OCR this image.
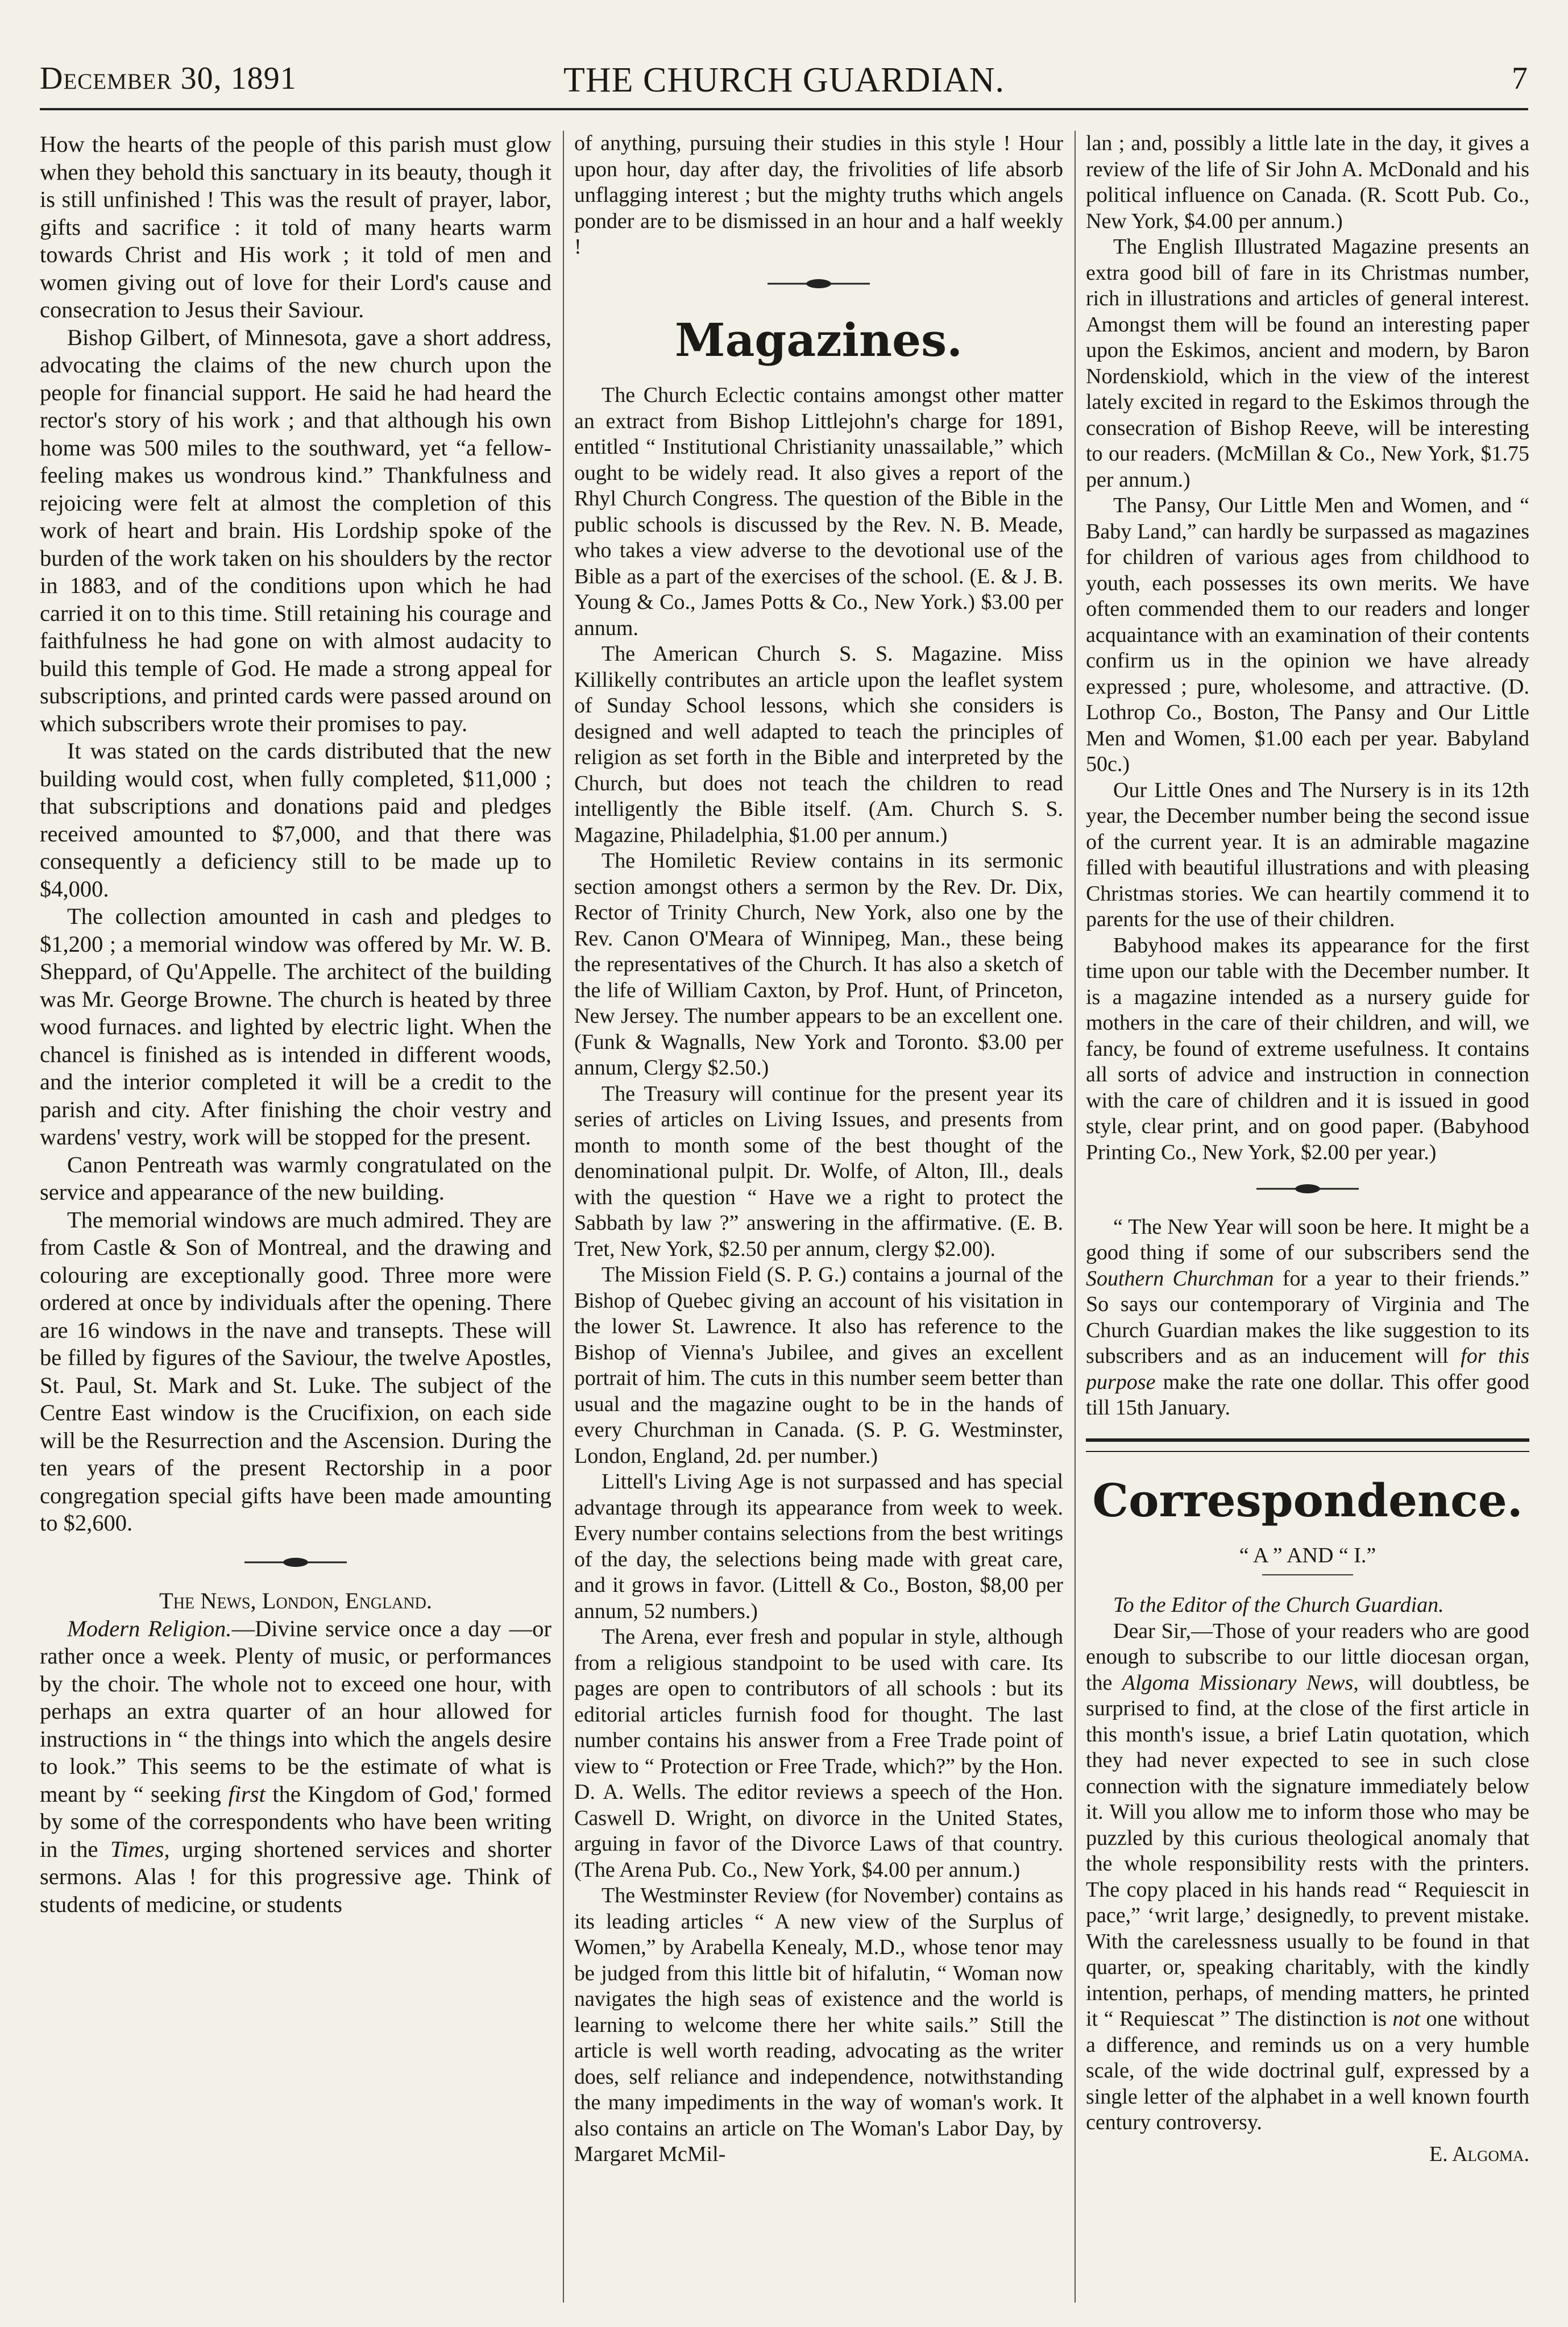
December 30, 1891	THE CHURCH GUARDIAN.	7

How the hearts of the people of this parish must glow when they behold this sanctuary in its beauty, though it is still unfinished ! This was the result of prayer, labor, gifts and sacrifice : it told of many hearts warm towards Christ and His work ; it told of men and women giving out of love for their Lord's cause and consecration to Jesus their Saviour.

Bishop Gilbert, of Minnesota, gave a short address, advocating the claims of the new church upon the people for financial support. He said he had heard the rector's story of his work ; and that although his own home was 500 miles to the southward, yet “a fellow-feeling makes us wondrous kind.” Thankfulness and rejoicing were felt at almost the completion of this work of heart and brain. His Lordship spoke of the burden of the work taken on his shoulders by the rector in 1883, and of the conditions upon which he had carried it on to this time. Still retaining his courage and faithfulness he had gone on with almost audacity to build this temple of God. He made a strong appeal for subscriptions, and printed cards were passed around on which subscribers wrote their promises to pay.

It was stated on the cards distributed that the new building would cost, when fully completed, $11,000 ; that subscriptions and donations paid and pledges received amounted to $7,000, and that there was consequently a deficiency still to be made up to $4,000.

The collection amounted in cash and pledges to $1,200 ; a memorial window was offered by Mr. W. B. Sheppard, of Qu'Appelle. The architect of the building was Mr. George Browne. The church is heated by three wood furnaces. and lighted by electric light. When the chancel is finished as is intended in different woods, and the interior completed it will be a credit to the parish and city. After finishing the choir vestry and wardens' vestry, work will be stopped for the present.

Canon Pentreath was warmly congratulated on the service and appearance of the new building.

The memorial windows are much admired. They are from Castle & Son of Montreal, and the drawing and colouring are exceptionally good. Three more were ordered at once by individuals after the opening. There are 16 windows in the nave and transepts. These will be filled by figures of the Saviour, the twelve Apostles, St. Paul, St. Mark and St. Luke. The subject of the Centre East window is the Crucifixion, on each side will be the Resurrection and the Ascension. During the ten years of the present Rectorship in a poor congregation special gifts have been made amounting to $2,600.

The News, London, England.

Modern Religion.—Divine service once a day —or rather once a week. Plenty of music, or performances by the choir. The whole not to exceed one hour, with perhaps an extra quarter of an hour allowed for instructions in “ the things into which the angels desire to look.” This seems to be the estimate of what is meant by “ seeking first the Kingdom of God,' formed by some of the correspondents who have been writing in the Times, urging shortened services and shorter sermons. Alas ! for this progressive age. Think of students of medicine, or students

of anything, pursuing their studies in this style ! Hour upon hour, day after day, the frivolities of life absorb unflagging interest ; but the mighty truths which angels ponder are to be dismissed in an hour and a half weekly !

Magazines.

The Church Eclectic contains amongst other matter an extract from Bishop Littlejohn's charge for 1891, entitled “ Institutional Christianity unassailable,” which ought to be widely read. It also gives a report of the Rhyl Church Congress. The question of the Bible in the public schools is discussed by the Rev. N. B. Meade, who takes a view adverse to the devotional use of the Bible as a part of the exercises of the school. (E. & J. B. Young & Co., James Potts & Co., New York.) $3.00 per annum.

The American Church S. S. Magazine. Miss Killikelly contributes an article upon the leaflet system of Sunday School lessons, which she considers is designed and well adapted to teach the principles of religion as set forth in the Bible and interpreted by the Church, but does not teach the children to read intelligently the Bible itself. (Am. Church S. S. Magazine, Philadelphia, $1.00 per annum.)

The Homiletic Review contains in its sermonic section amongst others a sermon by the Rev. Dr. Dix, Rector of Trinity Church, New York, also one by the Rev. Canon O'Meara of Winnipeg, Man., these being the representatives of the Church. It has also a sketch of the life of William Caxton, by Prof. Hunt, of Princeton, New Jersey. The number appears to be an excellent one. (Funk & Wagnalls, New York and Toronto. $3.00 per annum, Clergy $2.50.)

The Treasury will continue for the present year its series of articles on Living Issues, and presents from month to month some of the best thought of the denominational pulpit. Dr. Wolfe, of Alton, Ill., deals with the question “ Have we a right to protect the Sabbath by law ?” answering in the affirmative. (E. B. Tret, New York, $2.50 per annum, clergy $2.00).

The Mission Field (S. P. G.) contains a journal of the Bishop of Quebec giving an account of his visitation in the lower St. Lawrence. It also has reference to the Bishop of Vienna's Jubilee, and gives an excellent portrait of him. The cuts in this number seem better than usual and the magazine ought to be in the hands of every Churchman in Canada. (S. P. G. Westminster, London, England, 2d. per number.)

Littell's Living Age is not surpassed and has special advantage through its appearance from week to week. Every number contains selections from the best writings of the day, the selections being made with great care, and it grows in favor. (Littell & Co., Boston, $8,00 per annum, 52 numbers.)

The Arena, ever fresh and popular in style, although from a religious standpoint to be used with care. Its pages are open to contributors of all schools : but its editorial articles furnish food for thought. The last number contains his answer from a Free Trade point of view to “ Protection or Free Trade, which?” by the Hon. D. A. Wells. The editor reviews a speech of the Hon. Caswell D. Wright, on divorce in the United States, arguing in favor of the Divorce Laws of that country. (The Arena Pub. Co., New York, $4.00 per annum.)

The Westminster Review (for November) contains as its leading articles “ A new view of the Surplus of Women,” by Arabella Kenealy, M.D., whose tenor may be judged from this little bit of hifalutin, “ Woman now navigates the high seas of existence and the world is learning to welcome there her white sails.” Still the article is well worth reading, advocating as the writer does, self reliance and independence, notwithstanding the many impediments in the way of woman's work. It also contains an article on The Woman's Labor Day, by Margaret McMil-

lan ; and, possibly a little late in the day, it gives a review of the life of Sir John A. McDonald and his political influence on Canada. (R. Scott Pub. Co., New York, $4.00 per annum.)

The English Illustrated Magazine presents an extra good bill of fare in its Christmas number, rich in illustrations and articles of general interest. Amongst them will be found an interesting paper upon the Eskimos, ancient and modern, by Baron Nordenskiold, which in the view of the interest lately excited in regard to the Eskimos through the consecration of Bishop Reeve, will be interesting to our readers. (McMillan & Co., New York, $1.75 per annum.)

The Pansy, Our Little Men and Women, and “ Baby Land,” can hardly be surpassed as magazines for children of various ages from childhood to youth, each possesses its own merits. We have often commended them to our readers and longer acquaintance with an examination of their contents confirm us in the opinion we have already expressed ; pure, wholesome, and attractive. (D. Lothrop Co., Boston, The Pansy and Our Little Men and Women, $1.00 each per year. Babyland 50c.)

Our Little Ones and The Nursery is in its 12th year, the December number being the second issue of the current year. It is an admirable magazine filled with beautiful illustrations and with pleasing Christmas stories. We can heartily commend it to parents for the use of their children.

Babyhood makes its appearance for the first time upon our table with the December number. It is a magazine intended as a nursery guide for mothers in the care of their children, and will, we fancy, be found of extreme usefulness. It contains all sorts of advice and instruction in connection with the care of children and it is issued in good style, clear print, and on good paper. (Babyhood Printing Co., New York, $2.00 per year.)

“ The New Year will soon be here. It might be a good thing if some of our subscribers send the Southern Churchman for a year to their friends.” So says our contemporary of Virginia and The Church Guardian makes the like suggestion to its subscribers and as an inducement will for this purpose make the rate one dollar. This offer good till 15th January.

Correspondence.

“ A ” AND “ I.”

To the Editor of the Church Guardian.

Dear Sir,—Those of your readers who are good enough to subscribe to our little diocesan organ, the Algoma Missionary News, will doubtless, be surprised to find, at the close of the first article in this month's issue, a brief Latin quotation, which they had never expected to see in such close connection with the signature immediately below it. Will you allow me to inform those who may be puzzled by this curious theological anomaly that the whole responsibility rests with the printers. The copy placed in his hands read “ Requiescit in pace,” ‘writ large,’ designedly, to prevent mistake. With the carelessness usually to be found in that quarter, or, speaking charitably, with the kindly intention, perhaps, of mending matters, he printed it “ Requiescat ” The distinction is not one without a difference, and reminds us on a very humble scale, of the wide doctrinal gulf, expressed by a single letter of the alphabet in a well known fourth century controversy.

E. Algoma.
